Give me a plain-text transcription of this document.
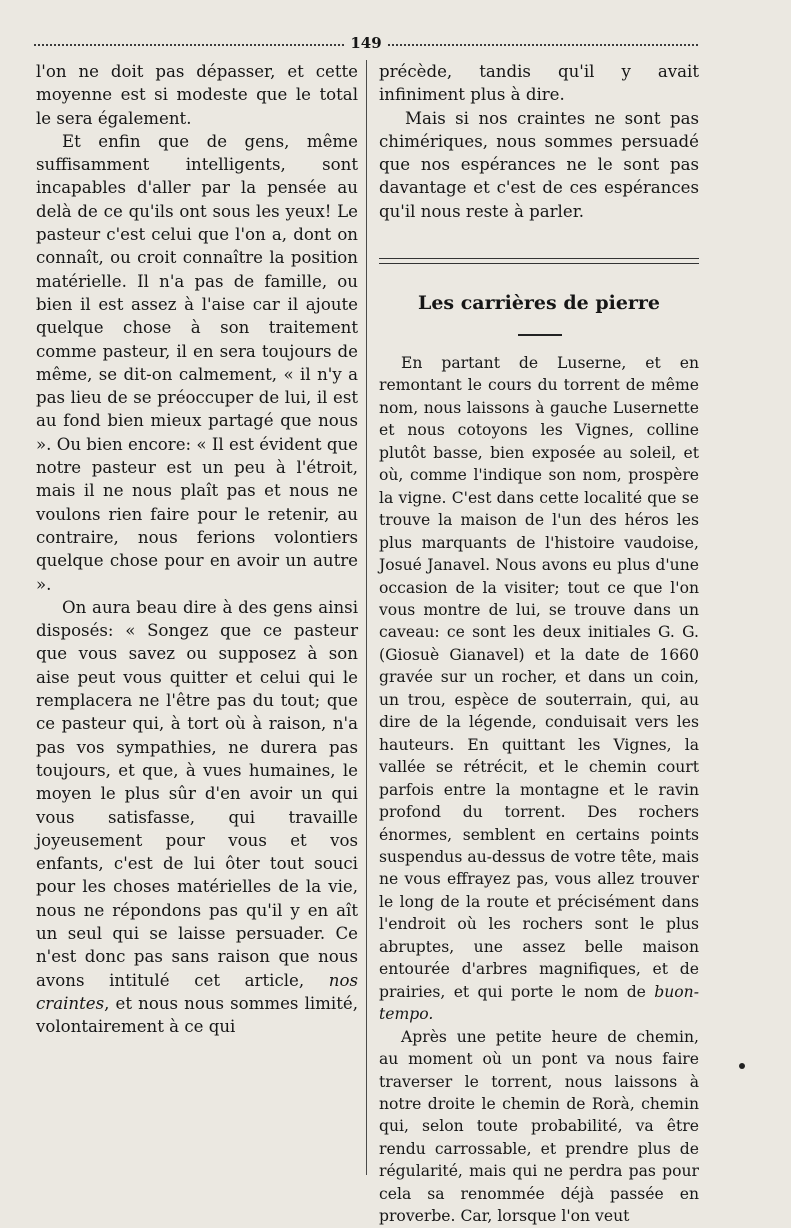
149

l'on ne doit pas dépasser, et cette moyenne est si modeste que le total le sera également.

Et enfin que de gens, même suffisamment intelligents, sont incapables d'aller par la pensée au delà de ce qu'ils ont sous les yeux! Le pasteur c'est celui que l'on a, dont on connaît, ou croit connaître la position matérielle. Il n'a pas de famille, ou bien il est assez à l'aise car il ajoute quelque chose à son traitement comme pasteur, il en sera toujours de même, se dit-on calmement, « il n'y a pas lieu de se préoccuper de lui, il est au fond bien mieux partagé que nous ». Ou bien encore: « Il est évident que notre pasteur est un peu à l'étroit, mais il ne nous plaît pas et nous ne voulons rien faire pour le retenir, au contraire, nous ferions volontiers quelque chose pour en avoir un autre ».

On aura beau dire à des gens ainsi disposés: « Songez que ce pasteur que vous savez ou supposez à son aise peut vous quitter et celui qui le remplacera ne l'être pas du tout; que ce pasteur qui, à tort où à raison, n'a pas vos sympathies, ne durera pas toujours, et que, à vues humaines, le moyen le plus sûr d'en avoir un qui vous satisfasse, qui travaille joyeusement pour vous et vos enfants, c'est de lui ôter tout souci pour les choses matérielles de la vie, nous ne répondons pas qu'il y en aît un seul qui se laisse persuader. Ce n'est donc pas sans raison que nous avons intitulé cet article, nos craintes, et nous nous sommes limité, volontairement à ce qui

précède, tandis qu'il y avait infiniment plus à dire.

Mais si nos craintes ne sont pas chimériques, nous sommes persuadé que nos espérances ne le sont pas davantage et c'est de ces espérances qu'il nous reste à parler.

Les carrières de pierre

En partant de Luserne, et en remontant le cours du torrent de même nom, nous laissons à gauche Lusernette et nous cotoyons les Vignes, colline plutôt basse, bien exposée au soleil, et où, comme l'indique son nom, prospère la vigne. C'est dans cette localité que se trouve la maison de l'un des héros les plus marquants de l'histoire vaudoise, Josué Janavel. Nous avons eu plus d'une occasion de la visiter; tout ce que l'on vous montre de lui, se trouve dans un caveau: ce sont les deux initiales G. G. (Giosuè Gianavel) et la date de 1660 gravée sur un rocher, et dans un coin, un trou, espèce de souterrain, qui, au dire de la légende, conduisait vers les hauteurs. En quittant les Vignes, la vallée se rétrécit, et le chemin court parfois entre la montagne et le ravin profond du torrent. Des rochers énormes, semblent en certains points suspendus au-dessus de votre tête, mais ne vous effrayez pas, vous allez trouver le long de la route et précisément dans l'endroit où les rochers sont le plus abruptes, une assez belle maison entourée d'arbres magnifiques, et de prairies, et qui porte le nom de buon-tempo.

Après une petite heure de chemin, au moment où un pont va nous faire traverser le torrent, nous laissons à notre droite le chemin de Rorà, chemin qui, selon toute probabilité, va être rendu carrossable, et prendre plus de régularité, mais qui ne perdra pas pour cela sa renommée déjà passée en proverbe. Car, lorsque l'on veut
